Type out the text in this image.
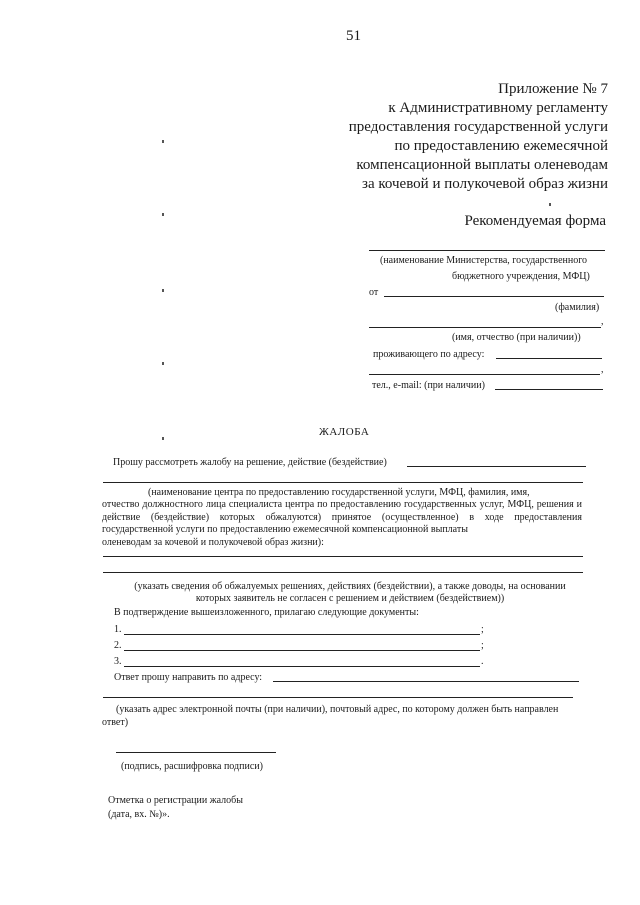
51
Приложение № 7
к Административному регламенту
предоставления государственной услуги
по предоставлению ежемесячной
компенсационной выплаты оленеводам
за кочевой и полукочевой образ жизни
Рекомендуемая форма
(наименование Министерства, государственного
бюджетного учреждения, МФЦ)
от
(фамилия)
,
(имя, отчество (при наличии))
проживающего по адресу:
,
тел., e-mail: (при наличии)
ЖАЛОБА
Прошу рассмотреть жалобу на решение, действие (бездействие)
(наименование центра по предоставлению государственной услуги, МФЦ, фамилия, имя,
отчество должностного лица специалиста центра по предоставлению государственных услуг, МФЦ, решения и действие (бездействие) которых обжалуются) принятое (осуществленное) в ходе предоставления государственной услуги по предоставлению ежемесячной компенсационной выплаты
оленеводам за кочевой и полукочевой образ жизни):
(указать сведения об обжалуемых решениях, действиях (бездействии), а также доводы, на основании
которых заявитель не согласен с решением и действием (бездействием))
В подтверждение вышеизложенного, прилагаю следующие документы:
1.	;
2.	;
3.	.
Ответ прошу направить по адресу:
(указать адрес электронной почты (при наличии), почтовый адрес, по которому должен быть направлен
ответ)
(подпись, расшифровка подписи)
Отметка о регистрации жалобы
(дата, вх. №)».
